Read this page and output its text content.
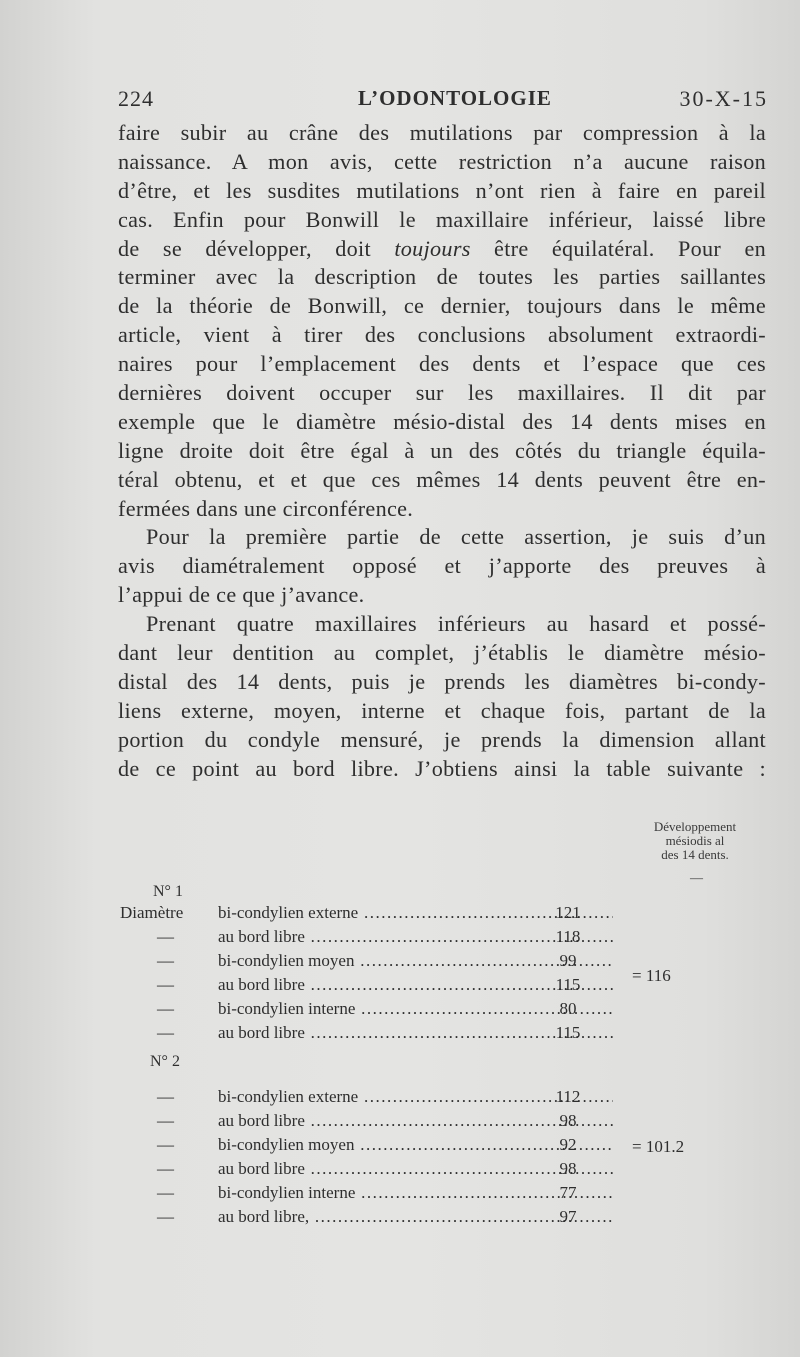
224	L’ODONTOLOGIE	30-X-15
faire subir au crâne des mutilations par compression à la
naissance. A mon avis, cette restriction n’a aucune raison
d’être, et les susdites mutilations n’ont rien à faire en pareil
cas. Enfin pour Bonwill le maxillaire inférieur, laissé libre
de se développer, doit toujours être équilatéral. Pour en
terminer avec la description de toutes les parties saillantes
de la théorie de Bonwill, ce dernier, toujours dans le même
article, vient à tirer des conclusions absolument extraordi-
naires pour l’emplacement des dents et l’espace que ces
dernières doivent occuper sur les maxillaires. Il dit par
exemple que le diamètre mésio-distal des 14 dents mises en
ligne droite doit être égal à un des côtés du triangle équila-
téral obtenu, et et que ces mêmes 14 dents peuvent être en-
fermées dans une circonférence.
Pour la première partie de cette assertion, je suis d’un
avis diamétralement opposé et j’apporte des preuves à
l’appui de ce que j’avance.
Prenant quatre maxillaires inférieurs au hasard et possé-
dant leur dentition au complet, j’établis le diamètre mésio-
distal des 14 dents, puis je prends les diamètres bi-condy-
liens externe, moyen, interne et chaque fois, partant de la
portion du condyle mensuré, je prends la dimension allant
de ce point au bord libre. J’obtiens ainsi la table suivante :
Développement
mésiodis al
des 14 dents.
—
N° 1
Diamètre	bi-condylien externe .....	121
—	au bord libre .....	118
—	bi-condylien moyen .....	99
—	au bord libre .....	115
—	bi-condylien interne .....	80
—	au bord libre .....	115
= 116
N° 2
—	bi-condylien externe .....	112
—	au bord libre .....	98
—	bi-condylien moyen .....	92
—	au bord libre .....	98
—	bi-condylien interne .....	77
—	au bord libre, .....	97
= 101.2
